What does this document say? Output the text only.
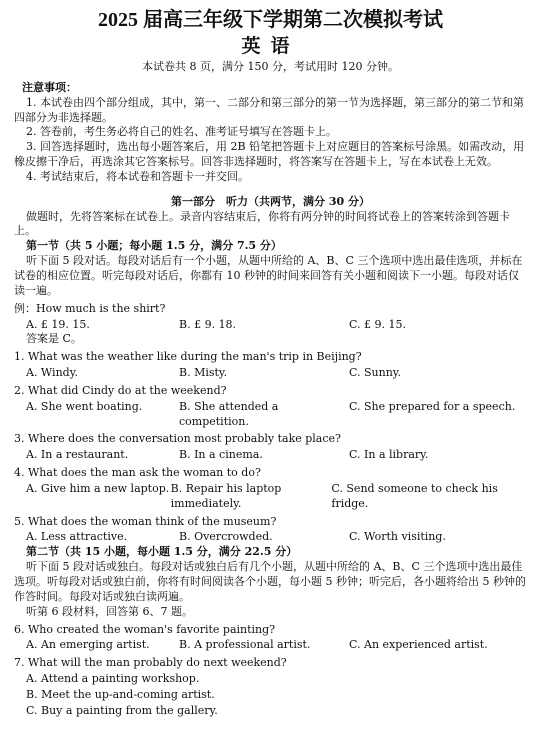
2025 届高三年级下学期第二次模拟考试
英语
本试卷共 8 页，满分 150 分，考试用时 120 分钟。
注意事项：

1. 本试卷由四个部分组成，其中，第一、二部分和第三部分的第一节为选择题，第三部分的第二节和第四部分为非选择题。

2. 答卷前，考生务必将自己的姓名、准考证号填写在答题卡上。

3. 回答选择题时，选出每小题答案后，用 2B 铅笔把答题卡上对应题目的答案标号涂黑。如需改动，用橡皮擦干净后，再选涂其它答案标号。回答非选择题时，将答案写在答题卡上，写在本试卷上无效。

4. 考试结束后，将本试卷和答题卡一并交回。

第一部分　听力（共两节，满分 30 分）

做题时，先将答案标在试卷上。录音内容结束后，你将有两分钟的时间将试卷上的答案转涂到答题卡上。

第一节（共 5 小题；每小题 1.5 分，满分 7.5 分）

听下面 5 段对话。每段对话后有一个小题，从题中所给的 A、B、C 三个选项中选出最佳选项，并标在试卷的相应位置。听完每段对话后，你都有 10 秒钟的时间来回答有关小题和阅读下一小题。每段对话仅读一遍。

例：How much is the shirt?
A. £ 19. 15.	B. £ 9. 18.	C. £ 9. 15.
答案是 C。
1. What was the weather like during the man's trip in Beijing?
A. Windy.	B. Misty.	C. Sunny.
2. What did Cindy do at the weekend?
A. She went boating.	B. She attended a competition.
C. She prepared for a speech.
3. Where does the conversation most probably take place?
A. In a restaurant.	B. In a cinema.	C. In a library.
4. What does the man ask the woman to do?
A. Give him a new laptop. B. Repair his laptop immediately.
C. Send someone to check his fridge.
5. What does the woman think of the museum?
A. Less attractive.	B. Overcrowded.	C. Worth visiting.
第二节（共 15 小题，每小题 1.5 分，满分 22.5 分）

听下面 5 段对话或独白。每段对话或独白后有几个小题，从题中所给的 A、B、C 三个选项中选出最佳选项。听每段对话或独白前，你将有时间阅读各个小题，每小题 5 秒钟；听完后，各小题将给出 5 秒钟的作答时间。每段对话或独白读两遍。

听第 6 段材料，回答第 6、7 题。

6. Who created the woman's favorite painting?
A. An emerging artist.	B. A professional artist.	C. An experienced artist.
7. What will the man probably do next weekend?
A. Attend a painting workshop.
B. Meet the up-and-coming artist.
C. Buy a painting from the gallery.
